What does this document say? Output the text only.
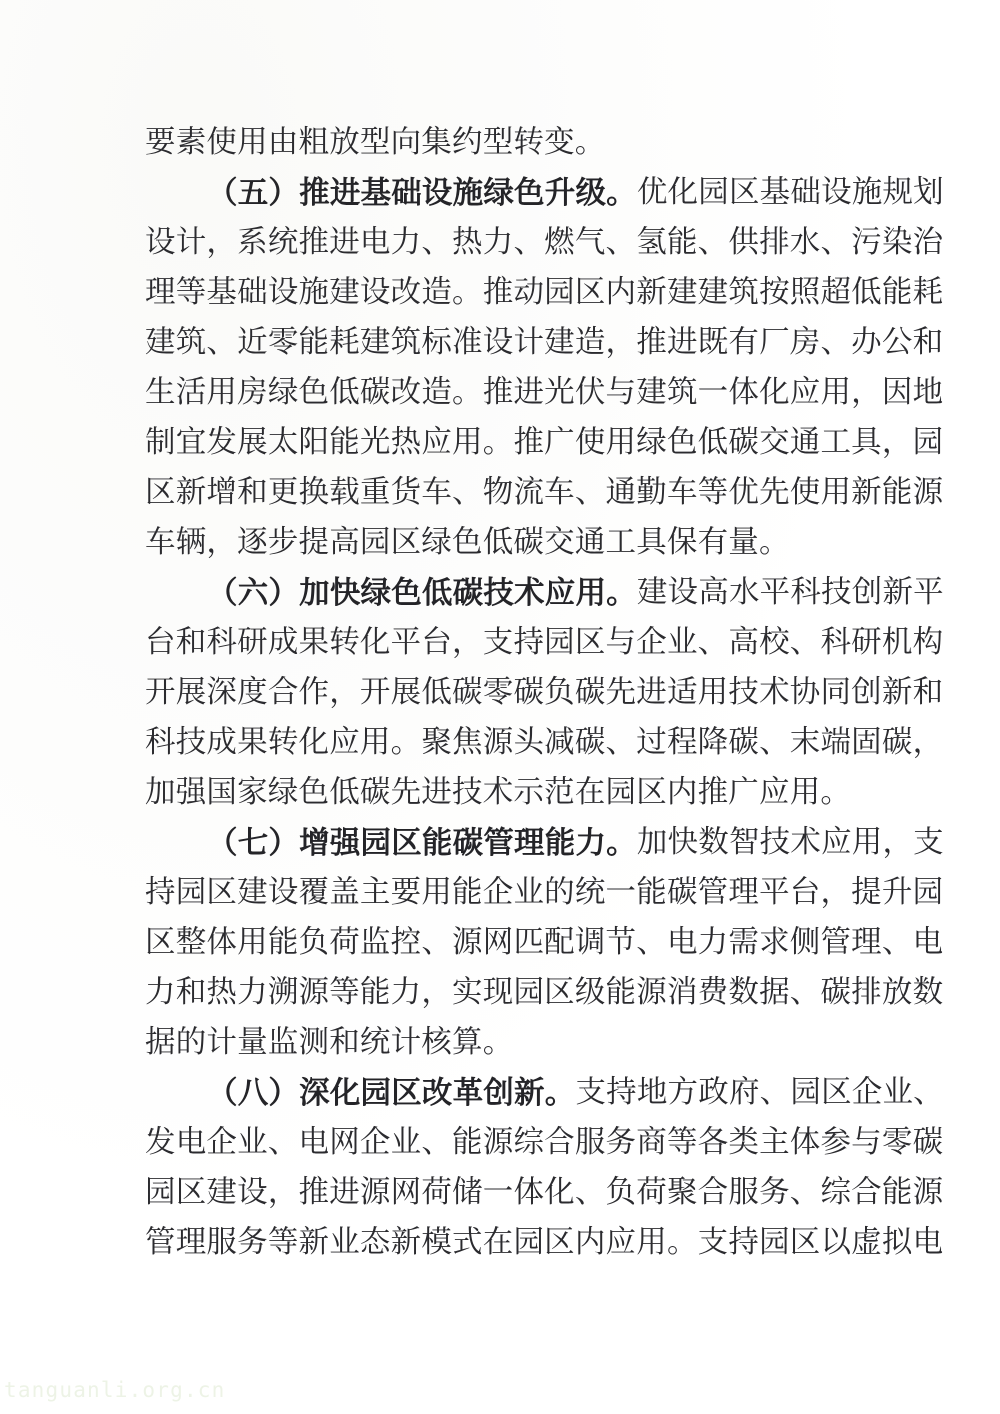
要素使用由粗放型向集约型转变。
（ 五 ） 推 进 基 础 设 施 绿 色 升 级 。 优 化 园 区 基 础 设 施 规 划
设 计 ， 系 统 推 进 电 力 、 热 力 、 燃 气 、 氢 能 、 供 排 水 、 污 染 治
理 等 基 础 设 施 建 设 改 造 。 推 动 园 区 内 新 建 建 筑 按 照 超 低 能 耗
建 筑 、 近 零 能 耗 建 筑 标 准 设 计 建 造 ， 推 进 既 有 厂 房 、 办 公 和
生 活 用 房 绿 色 低 碳 改 造 。 推 进 光 伏 与 建 筑 一 体 化 应 用 ， 因 地
制 宜 发 展 太 阳 能 光 热 应 用 。 推 广 使 用 绿 色 低 碳 交 通 工 具 ， 园
区 新 增 和 更 换 载 重 货 车 、 物 流 车 、 通 勤 车 等 优 先 使 用 新 能 源
车辆，逐步提高园区绿色低碳交通工具保有量。
（ 六 ） 加 快 绿 色 低 碳 技 术 应 用 。 建 设 高 水 平 科 技 创 新 平
台 和 科 研 成 果 转 化 平 台 ， 支 持 园 区 与 企 业 、 高 校 、 科 研 机 构
开 展 深 度 合 作 ， 开 展 低 碳 零 碳 负 碳 先 进 适 用 技 术 协 同 创 新 和
科 技 成 果 转 化 应 用 。 聚 焦 源 头 减 碳 、 过 程 降 碳 、 末 端 固 碳 ，
加强国家绿色低碳先进技术示范在园区内推广应用。
（ 七 ） 增 强 园 区 能 碳 管 理 能 力 。 加 快 数 智 技 术 应 用 ， 支
持 园 区 建 设 覆 盖 主 要 用 能 企 业 的 统 一 能 碳 管 理 平 台 ， 提 升 园
区 整 体 用 能 负 荷 监 控 、 源 网 匹 配 调 节 、 电 力 需 求 侧 管 理 、 电
力 和 热 力 溯 源 等 能 力 ， 实 现 园 区 级 能 源 消 费 数 据 、 碳 排 放 数
据的计量监测和统计核算。
（ 八 ） 深 化 园 区 改 革 创 新 。 支 持 地 方 政 府 、 园 区 企 业 、
发 电 企 业 、 电 网 企 业 、 能 源 综 合 服 务 商 等 各 类 主 体 参 与 零 碳
园 区 建 设 ， 推 进 源 网 荷 储 一 体 化 、 负 荷 聚 合 服 务 、 综 合 能 源
管 理 服 务 等 新 业 态 新 模 式 在 园 区 内 应 用 。 支 持 园 区 以 虚 拟 电
tanguanli.org.cn
